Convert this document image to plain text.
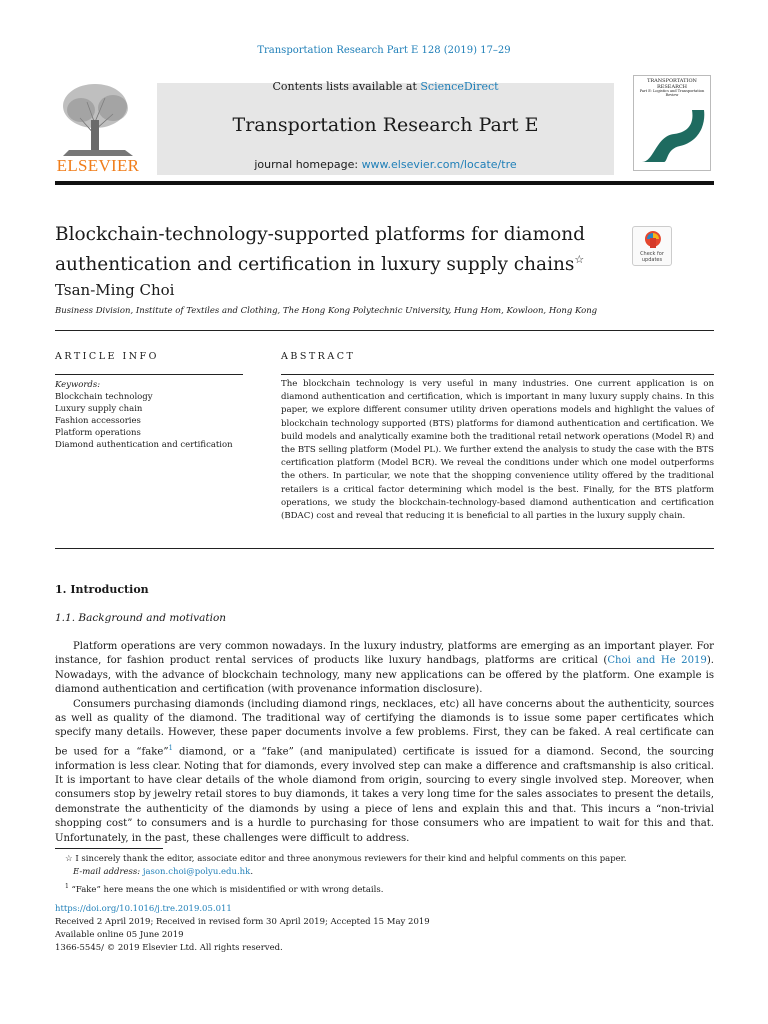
Transportation Research Part E 128 (2019) 17–29
ELSEVIER
Contents lists available at ScienceDirect
Transportation Research Part E
journal homepage: www.elsevier.com/locate/tre
TRANSPORTATION RESEARCH
Part E: Logistics and Transportation Review
Blockchain-technology-supported platforms for diamond authentication and certification in luxury supply chains☆	Check for updates
Tsan-Ming Choi
Business Division, Institute of Textiles and Clothing, The Hong Kong Polytechnic University, Hung Hom, Kowloon, Hong Kong
ARTICLE INFO
Keywords:
Blockchain technology
Luxury supply chain
Fashion accessories
Platform operations
Diamond authentication and certification
ABSTRACT
The blockchain technology is very useful in many industries. One current application is on diamond authentication and certification, which is important in many luxury supply chains. In this paper, we explore different consumer utility driven operations models and highlight the values of blockchain technology supported (BTS) platforms for diamond authentication and certification. We build models and analytically examine both the traditional retail network operations (Model R) and the BTS selling platform (Model PL). We further extend the analysis to study the case with the BTS certification platform (Model BCR). We reveal the conditions under which one model outperforms the others. In particular, we note that the shopping convenience utility offered by the traditional retailers is a critical factor determining which model is the best. Finally, for the BTS platform operations, we study the blockchain-technology-based diamond authentication and certification (BDAC) cost and reveal that reducing it is beneficial to all parties in the luxury supply chain.
1. Introduction
1.1. Background and motivation

Platform operations are very common nowadays. In the luxury industry, platforms are emerging as an important player. For instance, for fashion product rental services of products like luxury handbags, platforms are critical (Choi and He 2019). Nowadays, with the advance of blockchain technology, many new applications can be offered by the platform. One example is diamond authentication and certification (with provenance information disclosure).

Consumers purchasing diamonds (including diamond rings, necklaces, etc) all have concerns about the authenticity, sources as well as quality of the diamond. The traditional way of certifying the diamonds is to issue some paper certificates which specify many details. However, these paper documents involve a few problems. First, they can be faked. A real certificate can be used for a “fake”$^1$ diamond, or a “fake” (and manipulated) certificate is issued for a diamond. Second, the sourcing information is less clear. Noting that for diamonds, every involved step can make a difference and craftsmanship is also critical. It is important to have clear details of the whole diamond from origin, sourcing to every single involved step. Moreover, when consumers stop by jewelry retail stores to buy diamonds, it takes a very long time for the sales associates to present the details, demonstrate the authenticity of the diamonds by using a piece of lens and explain this and that. This incurs a “non-trivial shopping cost” to consumers and is a hurdle to purchasing for those consumers who are impatient to wait for this and that. Unfortunately, in the past, these challenges were difficult to address.

☆ I sincerely thank the editor, associate editor and three anonymous reviewers for their kind and helpful comments on this paper.
E-mail address: jason.choi@polyu.edu.hk.
$^1$ “Fake” here means the one which is misidentified or with wrong details.
https://doi.org/10.1016/j.tre.2019.05.011
Received 2 April 2019; Received in revised form 30 April 2019; Accepted 15 May 2019
Available online 05 June 2019
1366-5545/ © 2019 Elsevier Ltd. All rights reserved.
